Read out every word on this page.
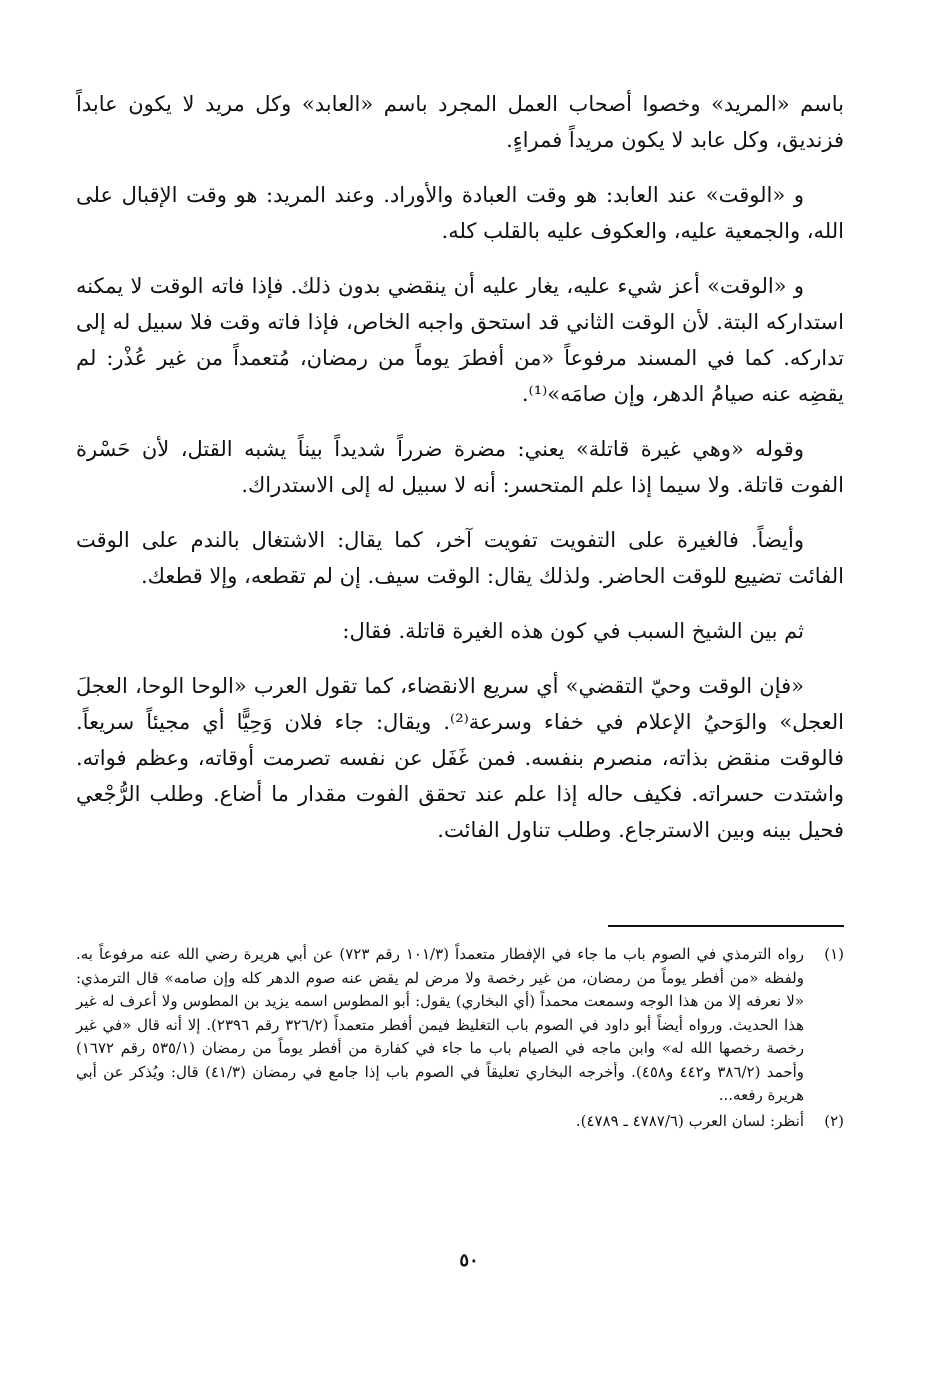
باسم «المريد» وخصوا أصحاب العمل المجرد باسم «العابد» وكل مريد لا يكون عابداً فزنديق، وكل عابد لا يكون مريداً فمراءٍ.

و «الوقت» عند العابد: هو وقت العبادة والأوراد. وعند المريد: هو وقت الإقبال على الله، والجمعية عليه، والعكوف عليه بالقلب كله.

و «الوقت» أعز شيء عليه، يغار عليه أن ينقضي بدون ذلك. فإذا فاته الوقت لا يمكنه استداركه البتة. لأن الوقت الثاني قد استحق واجبه الخاص، فإذا فاته وقت فلا سبيل له إلى تداركه. كما في المسند مرفوعاً «من أفطرَ يوماً من رمضان، مُتعمداً من غير عُذْر: لم يقضِه عنه صيامُ الدهر، وإن صامَه»⁽¹⁾.

وقوله «وهي غيرة قاتلة» يعني: مضرة ضرراً شديداً بيناً يشبه القتل، لأن حَسْرة الفوت قاتلة. ولا سيما إذا علم المتحسر: أنه لا سبيل له إلى الاستدراك.

وأيضاً. فالغيرة على التفويت تفويت آخر، كما يقال: الاشتغال بالندم على الوقت الفائت تضييع للوقت الحاضر. ولذلك يقال: الوقت سيف. إن لم تقطعه، وإلا قطعك.

ثم بين الشيخ السبب في كون هذه الغيرة قاتلة. فقال:

«فإن الوقت وحيّ التقضي» أي سريع الانقضاء، كما تقول العرب «الوحا الوحا، العجلَ العجل» والوَحيُ الإعلام في خفاء وسرعة⁽²⁾. ويقال: جاء فلان وَحِيًّا أي مجيئاً سريعاً. فالوقت منقض بذاته، منصرم بنفسه. فمن غَفَل عن نفسه تصرمت أوقاته، وعظم فواته. واشتدت حسراته. فكيف حاله إذا علم عند تحقق الفوت مقدار ما أضاع. وطلب الرُّجْعي فحيل بينه وبين الاسترجاع. وطلب تناول الفائت.

(١)
رواه الترمذي في الصوم باب ما جاء في الإفطار متعمداً (١٠١/٣ رقم ٧٢٣) عن أبي هريرة رضي الله عنه مرفوعاً به. ولفظه «من أفطر يوماً من رمضان، من غير رخصة ولا مرض لم يقض عنه صوم الدهر كله وإن صامه» قال الترمذي: «لا نعرفه إلا من هذا الوجه وسمعت محمداً (أي البخاري) يقول: أبو المطوس اسمه يزيد بن المطوس ولا أعرف له غير هذا الحديث. ورواه أيضاً أبو داود في الصوم باب التغليظ فيمن أفطر متعمداً (٣٢٦/٢ رقم ٢٣٩٦). إلا أنه قال «في غير رخصة رخصها الله له» وابن ماجه في الصيام باب ما جاء في كفارة من أفطر يوماً من رمضان (٥٣٥/١ رقم ١٦٧٢) وأحمد (٣٨٦/٢ و٤٤٢ و٤٥٨). وأخرجه البخاري تعليقاً في الصوم باب إذا جامع في رمضان (٤١/٣) قال: ويُذكر عن أبي هريرة رفعه...
(٢)
أنظر: لسان العرب (٤٧٨٧/٦ ـ ٤٧٨٩).
٥٠
